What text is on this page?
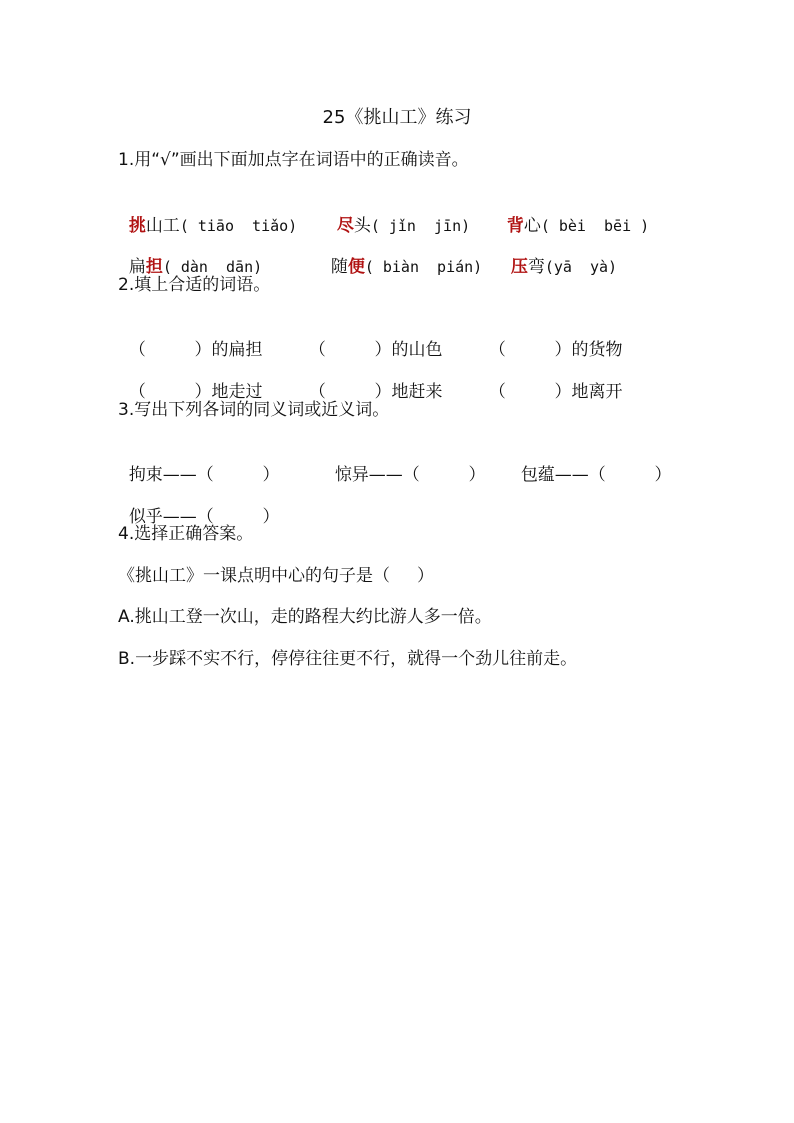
25《挑山工》练习
1.用“√”画出下面加点字在词语中的正确读音。

挑山工( tiāo  tiǎo) 尽头( jǐn  jīn) 背心( bèi  bēi )

扁担( dàn  dān)	随便( biàn  pián) 压弯(yā  yà)

2.填上合适的词语。

（         ）的扁担	（         ）的山色	（         ）的货物

（         ）地走过	（         ）地赶来	（         ）地离开

3.写出下列各词的同义词或近义词。

拘束——（         ）	惊异——（         ） 包蕴——（         ）

似乎——（         ）

4.选择正确答案。
《挑山工》一课点明中心的句子是（     ）
A.挑山工登一次山，走的路程大约比游人多一倍。
B.一步踩不实不行，停停往往更不行，就得一个劲儿往前走。
